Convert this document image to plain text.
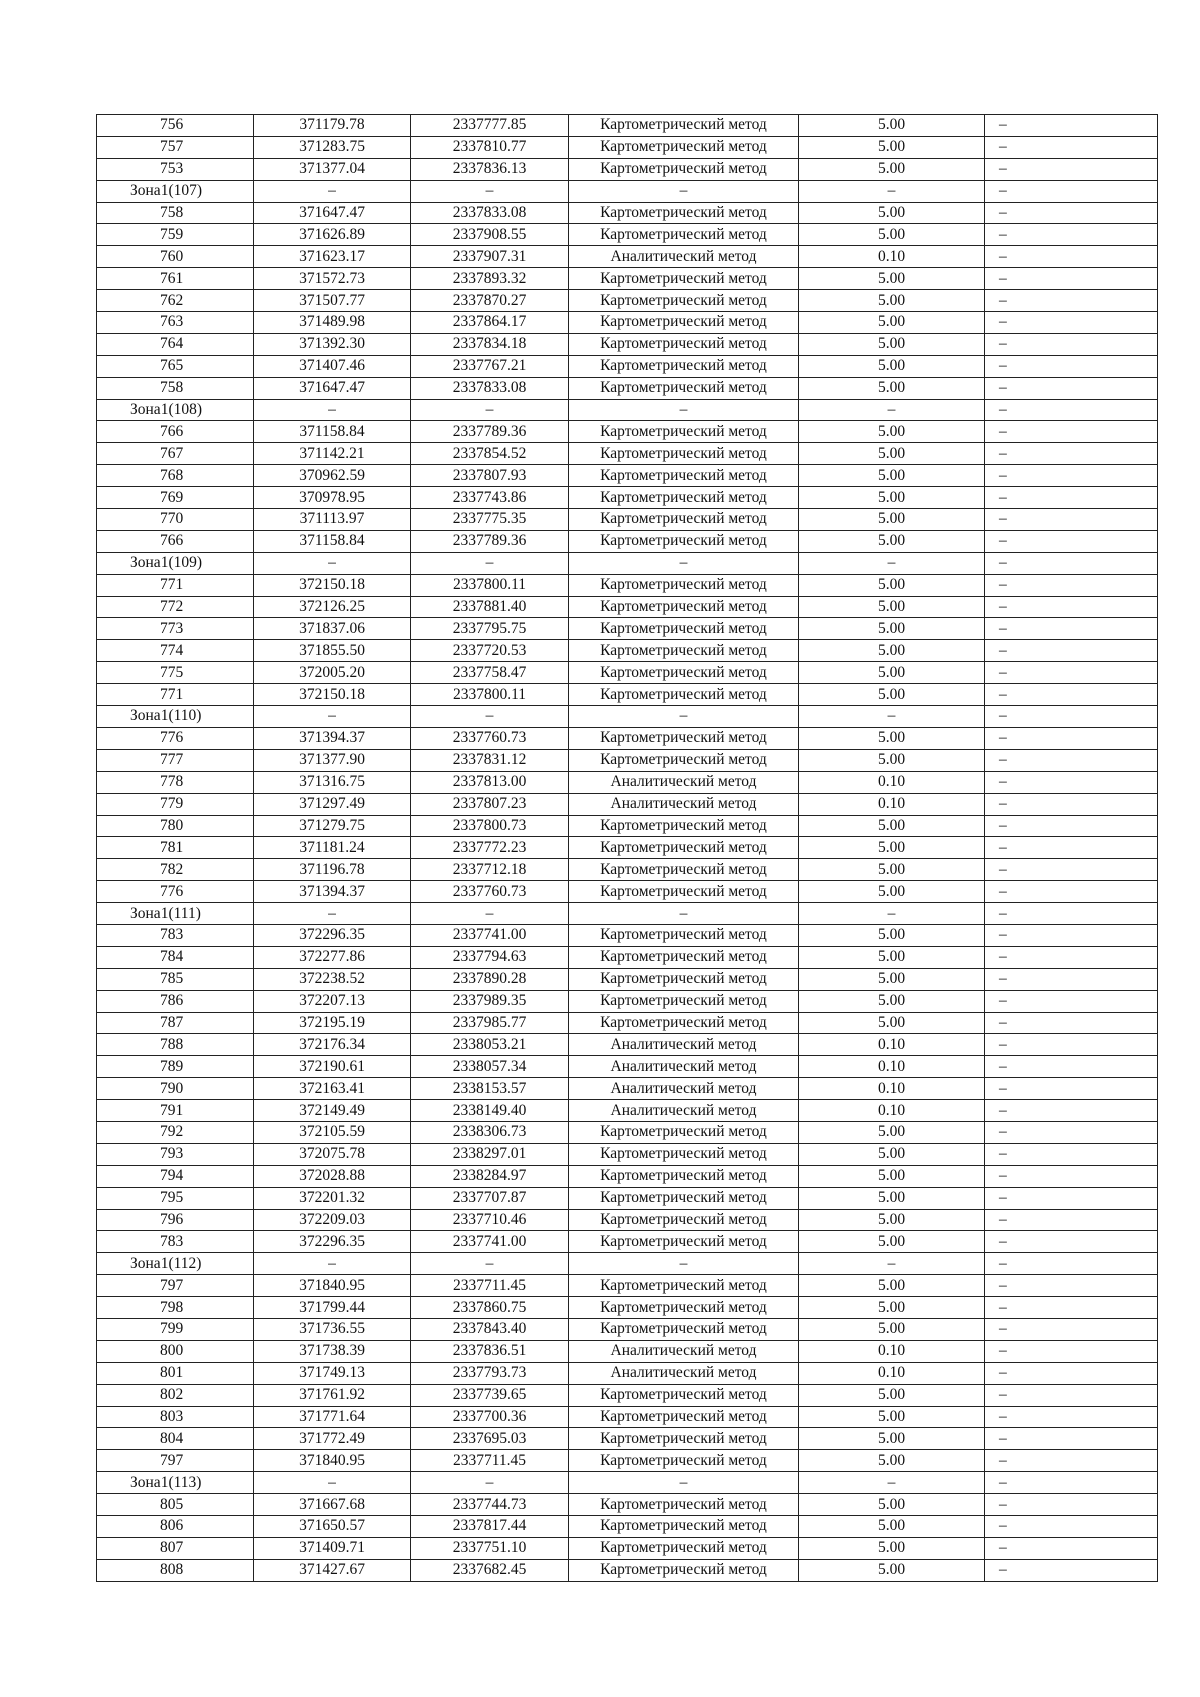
756	371179.78	2337777.85	Картометрический метод	5.00	–
757	371283.75	2337810.77	Картометрический метод	5.00	–
753	371377.04	2337836.13	Картометрический метод	5.00	–
Зона1(107)	–	–	–	–	–
758	371647.47	2337833.08	Картометрический метод	5.00	–
759	371626.89	2337908.55	Картометрический метод	5.00	–
760	371623.17	2337907.31	Аналитический метод	0.10	–
761	371572.73	2337893.32	Картометрический метод	5.00	–
762	371507.77	2337870.27	Картометрический метод	5.00	–
763	371489.98	2337864.17	Картометрический метод	5.00	–
764	371392.30	2337834.18	Картометрический метод	5.00	–
765	371407.46	2337767.21	Картометрический метод	5.00	–
758	371647.47	2337833.08	Картометрический метод	5.00	–
Зона1(108)	–	–	–	–	–
766	371158.84	2337789.36	Картометрический метод	5.00	–
767	371142.21	2337854.52	Картометрический метод	5.00	–
768	370962.59	2337807.93	Картометрический метод	5.00	–
769	370978.95	2337743.86	Картометрический метод	5.00	–
770	371113.97	2337775.35	Картометрический метод	5.00	–
766	371158.84	2337789.36	Картометрический метод	5.00	–
Зона1(109)	–	–	–	–	–
771	372150.18	2337800.11	Картометрический метод	5.00	–
772	372126.25	2337881.40	Картометрический метод	5.00	–
773	371837.06	2337795.75	Картометрический метод	5.00	–
774	371855.50	2337720.53	Картометрический метод	5.00	–
775	372005.20	2337758.47	Картометрический метод	5.00	–
771	372150.18	2337800.11	Картометрический метод	5.00	–
Зона1(110)	–	–	–	–	–
776	371394.37	2337760.73	Картометрический метод	5.00	–
777	371377.90	2337831.12	Картометрический метод	5.00	–
778	371316.75	2337813.00	Аналитический метод	0.10	–
779	371297.49	2337807.23	Аналитический метод	0.10	–
780	371279.75	2337800.73	Картометрический метод	5.00	–
781	371181.24	2337772.23	Картометрический метод	5.00	–
782	371196.78	2337712.18	Картометрический метод	5.00	–
776	371394.37	2337760.73	Картометрический метод	5.00	–
Зона1(111)	–	–	–	–	–
783	372296.35	2337741.00	Картометрический метод	5.00	–
784	372277.86	2337794.63	Картометрический метод	5.00	–
785	372238.52	2337890.28	Картометрический метод	5.00	–
786	372207.13	2337989.35	Картометрический метод	5.00	–
787	372195.19	2337985.77	Картометрический метод	5.00	–
788	372176.34	2338053.21	Аналитический метод	0.10	–
789	372190.61	2338057.34	Аналитический метод	0.10	–
790	372163.41	2338153.57	Аналитический метод	0.10	–
791	372149.49	2338149.40	Аналитический метод	0.10	–
792	372105.59	2338306.73	Картометрический метод	5.00	–
793	372075.78	2338297.01	Картометрический метод	5.00	–
794	372028.88	2338284.97	Картометрический метод	5.00	–
795	372201.32	2337707.87	Картометрический метод	5.00	–
796	372209.03	2337710.46	Картометрический метод	5.00	–
783	372296.35	2337741.00	Картометрический метод	5.00	–
Зона1(112)	–	–	–	–	–
797	371840.95	2337711.45	Картометрический метод	5.00	–
798	371799.44	2337860.75	Картометрический метод	5.00	–
799	371736.55	2337843.40	Картометрический метод	5.00	–
800	371738.39	2337836.51	Аналитический метод	0.10	–
801	371749.13	2337793.73	Аналитический метод	0.10	–
802	371761.92	2337739.65	Картометрический метод	5.00	–
803	371771.64	2337700.36	Картометрический метод	5.00	–
804	371772.49	2337695.03	Картометрический метод	5.00	–
797	371840.95	2337711.45	Картометрический метод	5.00	–
Зона1(113)	–	–	–	–	–
805	371667.68	2337744.73	Картометрический метод	5.00	–
806	371650.57	2337817.44	Картометрический метод	5.00	–
807	371409.71	2337751.10	Картометрический метод	5.00	–
808	371427.67	2337682.45	Картометрический метод	5.00	–
